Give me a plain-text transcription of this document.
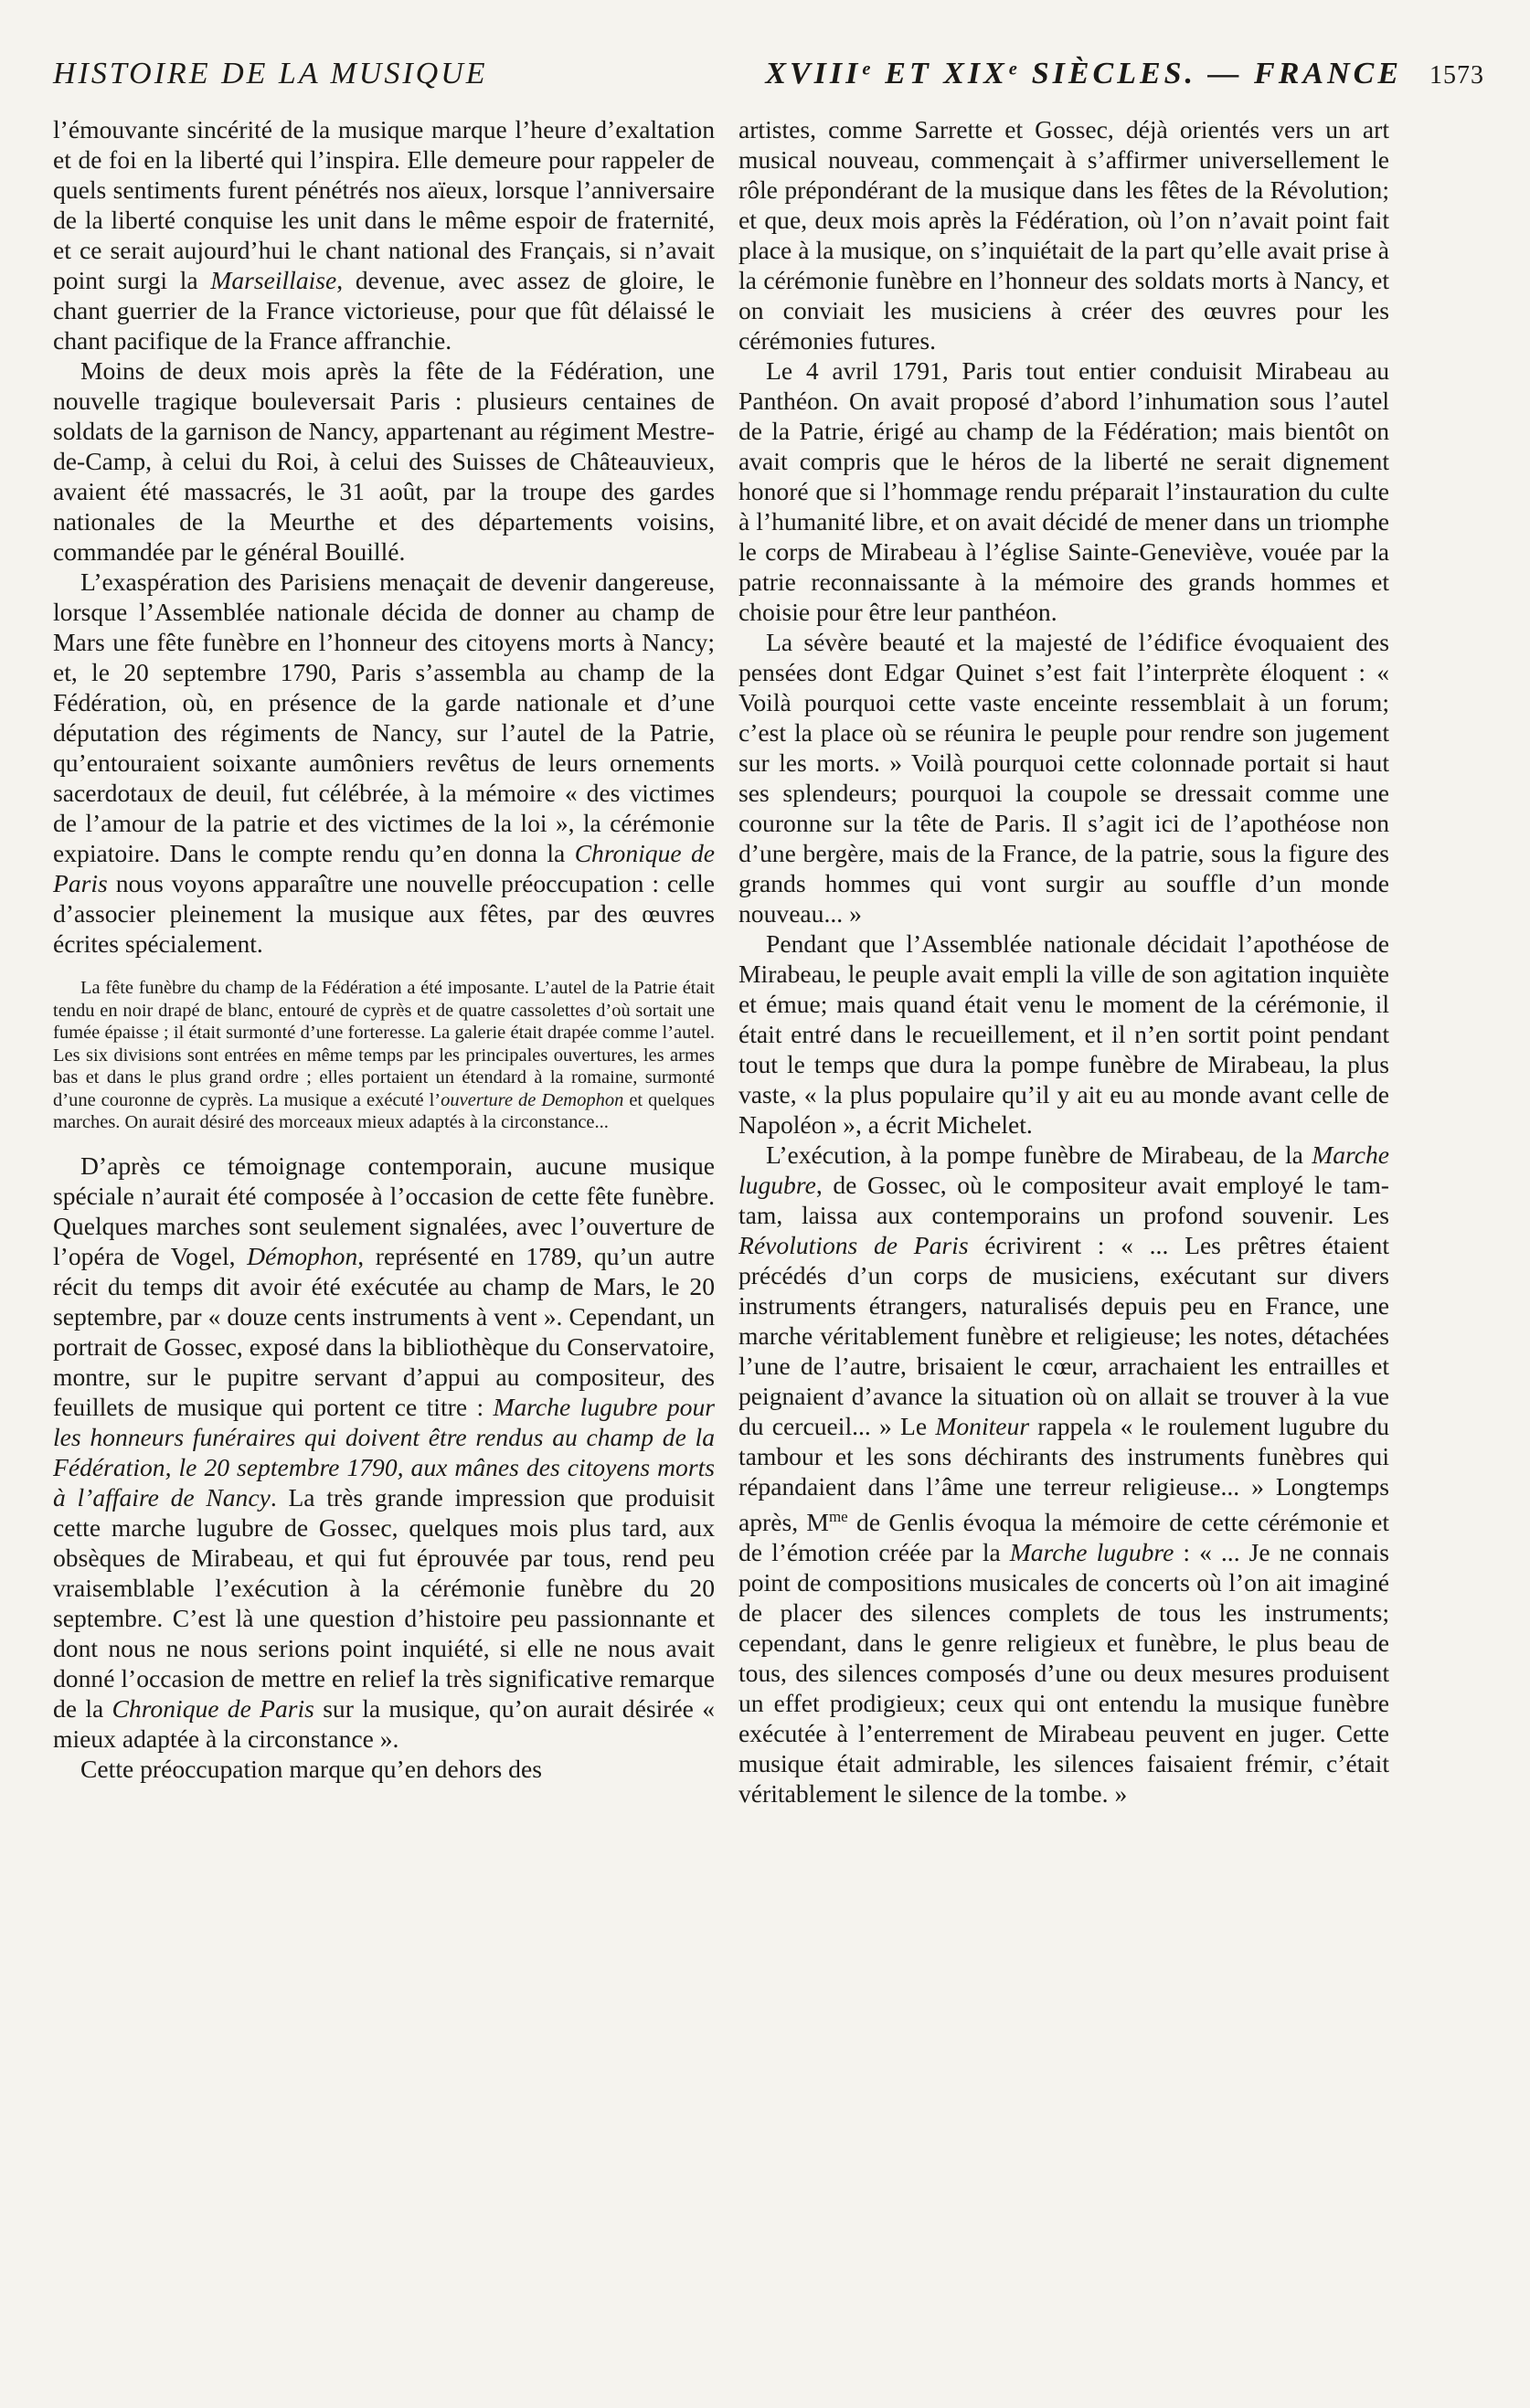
HISTOIRE DE LA MUSIQUE	XVIIIᵉ ET XIXᵉ SIÈCLES. — FRANCE	1573

l’émouvante sincérité de la musique marque l’heure d’exaltation et de foi en la liberté qui l’inspira. Elle demeure pour rappeler de quels sentiments furent pénétrés nos aïeux, lorsque l’anniversaire de la liberté conquise les unit dans le même espoir de fraternité, et ce serait aujourd’hui le chant national des Français, si n’avait point surgi la Marseillaise, devenue, avec assez de gloire, le chant guerrier de la France victorieuse, pour que fût délaissé le chant pacifique de la France affranchie.

Moins de deux mois après la fête de la Fédération, une nouvelle tragique bouleversait Paris : plusieurs centaines de soldats de la garnison de Nancy, appartenant au régiment Mestre-de-Camp, à celui du Roi, à celui des Suisses de Châteauvieux, avaient été massacrés, le 31 août, par la troupe des gardes nationales de la Meurthe et des départements voisins, commandée par le général Bouillé.

L’exaspération des Parisiens menaçait de devenir dangereuse, lorsque l’Assemblée nationale décida de donner au champ de Mars une fête funèbre en l’honneur des citoyens morts à Nancy; et, le 20 septembre 1790, Paris s’assembla au champ de la Fédération, où, en présence de la garde nationale et d’une députation des régiments de Nancy, sur l’autel de la Patrie, qu’entouraient soixante aumôniers revêtus de leurs ornements sacerdotaux de deuil, fut célébrée, à la mémoire « des victimes de l’amour de la patrie et des victimes de la loi », la cérémonie expiatoire. Dans le compte rendu qu’en donna la Chronique de Paris nous voyons apparaître une nouvelle préoccupation : celle d’associer pleinement la musique aux fêtes, par des œuvres écrites spécialement.

La fête funèbre du champ de la Fédération a été imposante. L’autel de la Patrie était tendu en noir drapé de blanc, entouré de cyprès et de quatre cassolettes d’où sortait une fumée épaisse ; il était surmonté d’une forteresse. La galerie était drapée comme l’autel. Les six divisions sont entrées en même temps par les principales ouvertures, les armes bas et dans le plus grand ordre ; elles portaient un étendard à la romaine, surmonté d’une couronne de cyprès. La musique a exécuté l’ouverture de Demophon et quelques marches. On aurait désiré des morceaux mieux adaptés à la circonstance...

D’après ce témoignage contemporain, aucune musique spéciale n’aurait été composée à l’occasion de cette fête funèbre. Quelques marches sont seulement signalées, avec l’ouverture de l’opéra de Vogel, Démophon, représenté en 1789, qu’un autre récit du temps dit avoir été exécutée au champ de Mars, le 20 septembre, par « douze cents instruments à vent ». Cependant, un portrait de Gossec, exposé dans la bibliothèque du Conservatoire, montre, sur le pupitre servant d’appui au compositeur, des feuillets de musique qui portent ce titre : Marche lugubre pour les honneurs funéraires qui doivent être rendus au champ de la Fédération, le 20 septembre 1790, aux mânes des citoyens morts à l’affaire de Nancy. La très grande impression que produisit cette marche lugubre de Gossec, quelques mois plus tard, aux obsèques de Mirabeau, et qui fut éprouvée par tous, rend peu vraisemblable l’exécution à la cérémonie funèbre du 20 septembre. C’est là une question d’histoire peu passionnante et dont nous ne nous serions point inquiété, si elle ne nous avait donné l’occasion de mettre en relief la très significative remarque de la Chronique de Paris sur la musique, qu’on aurait désirée « mieux adaptée à la circonstance ».

Cette préoccupation marque qu’en dehors des

artistes, comme Sarrette et Gossec, déjà orientés vers un art musical nouveau, commençait à s’affirmer universellement le rôle prépondérant de la musique dans les fêtes de la Révolution; et que, deux mois après la Fédération, où l’on n’avait point fait place à la musique, on s’inquiétait de la part qu’elle avait prise à la cérémonie funèbre en l’honneur des soldats morts à Nancy, et on conviait les musiciens à créer des œuvres pour les cérémonies futures.

Le 4 avril 1791, Paris tout entier conduisit Mirabeau au Panthéon. On avait proposé d’abord l’inhumation sous l’autel de la Patrie, érigé au champ de la Fédération; mais bientôt on avait compris que le héros de la liberté ne serait dignement honoré que si l’hommage rendu préparait l’instauration du culte à l’humanité libre, et on avait décidé de mener dans un triomphe le corps de Mirabeau à l’église Sainte-Geneviève, vouée par la patrie reconnaissante à la mémoire des grands hommes et choisie pour être leur panthéon.

La sévère beauté et la majesté de l’édifice évoquaient des pensées dont Edgar Quinet s’est fait l’interprète éloquent : « Voilà pourquoi cette vaste enceinte ressemblait à un forum; c’est la place où se réunira le peuple pour rendre son jugement sur les morts. » Voilà pourquoi cette colonnade portait si haut ses splendeurs; pourquoi la coupole se dressait comme une couronne sur la tête de Paris. Il s’agit ici de l’apothéose non d’une bergère, mais de la France, de la patrie, sous la figure des grands hommes qui vont surgir au souffle d’un monde nouveau... »

Pendant que l’Assemblée nationale décidait l’apothéose de Mirabeau, le peuple avait empli la ville de son agitation inquiète et émue; mais quand était venu le moment de la cérémonie, il était entré dans le recueillement, et il n’en sortit point pendant tout le temps que dura la pompe funèbre de Mirabeau, la plus vaste, « la plus populaire qu’il y ait eu au monde avant celle de Napoléon », a écrit Michelet.

L’exécution, à la pompe funèbre de Mirabeau, de la Marche lugubre, de Gossec, où le compositeur avait employé le tam-tam, laissa aux contemporains un profond souvenir. Les Révolutions de Paris écrivirent : « ... Les prêtres étaient précédés d’un corps de musiciens, exécutant sur divers instruments étrangers, naturalisés depuis peu en France, une marche véritablement funèbre et religieuse; les notes, détachées l’une de l’autre, brisaient le cœur, arrachaient les entrailles et peignaient d’avance la situation où on allait se trouver à la vue du cercueil... » Le Moniteur rappela « le roulement lugubre du tambour et les sons déchirants des instruments funèbres qui répandaient dans l’âme une terreur religieuse... » Longtemps après, $M^{me}$ de Genlis évoqua la mémoire de cette cérémonie et de l’émotion créée par la Marche lugubre : « ... Je ne connais point de compositions musicales de concerts où l’on ait imaginé de placer des silences complets de tous les instruments; cependant, dans le genre religieux et funèbre, le plus beau de tous, des silences composés d’une ou deux mesures produisent un effet prodigieux; ceux qui ont entendu la musique funèbre exécutée à l’enterrement de Mirabeau peuvent en juger. Cette musique était admirable, les silences faisaient frémir, c’était véritablement le silence de la tombe. »
